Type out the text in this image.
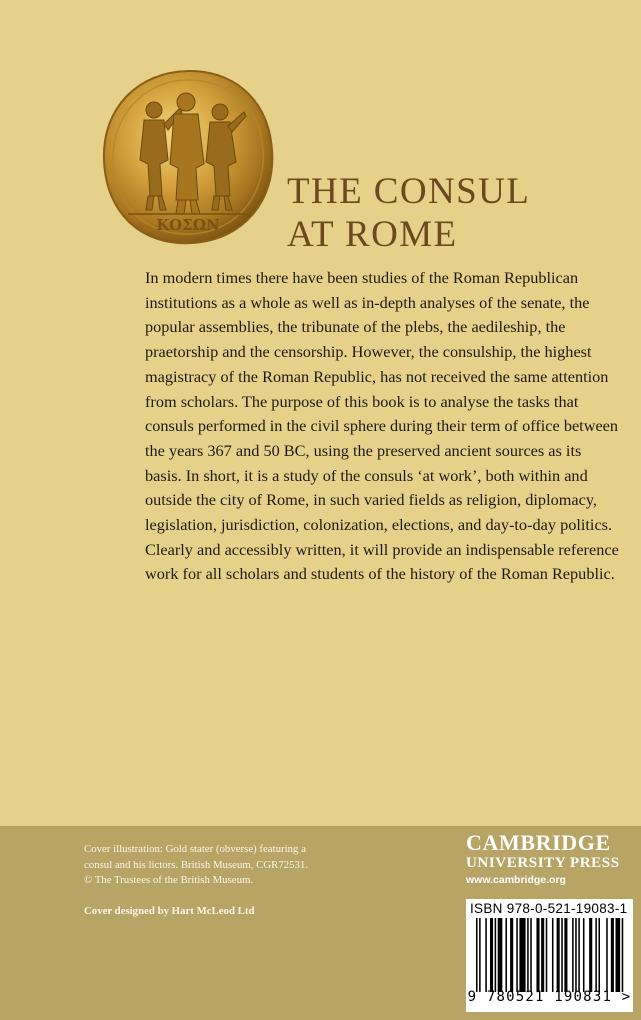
KOΣΩN
THE CONSUL
AT ROME

In modern times there have been studies of the Roman Republican institutions as a whole as well as in-depth analyses of the senate, the popular assemblies, the tribunate of the plebs, the aedileship, the praetorship and the censorship. However, the consulship, the highest magistracy of the Roman Republic, has not received the same attention from scholars. The purpose of this book is to analyse the tasks that consuls performed in the civil sphere during their term of office between the years 367 and 50 BC, using the preserved ancient sources as its basis. In short, it is a study of the consuls ‘at work’, both within and outside the city of Rome, in such varied fields as religion, diplomacy, legislation, jurisdiction, colonization, elections, and day-to-day politics. Clearly and accessibly written, it will provide an indispensable reference work for all scholars and students of the history of the Roman Republic.

Cover illustration: Gold stater (obverse) featuring a
consul and his lictors. British Museum, CGR72531.
© The Trustees of the British Museum.

Cover designed by Hart McLeod Ltd

CAMBRIDGE
UNIVERSITY PRESS
www.cambridge.org
ISBN 978-0-521-19083-1
9 780521 190831 >
